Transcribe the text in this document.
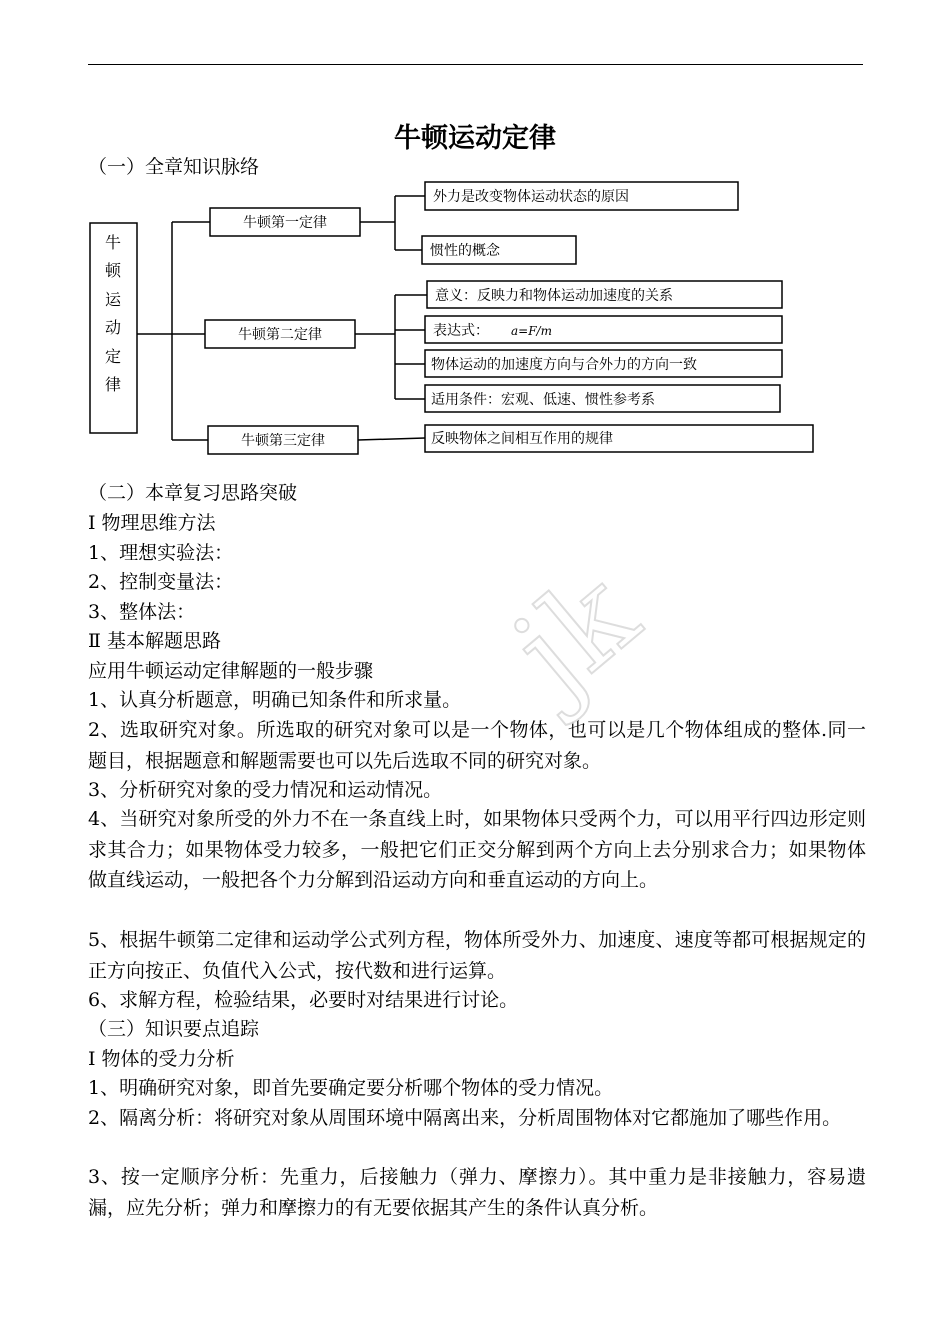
牛顿运动定律
（一）全章知识脉络
牛
顿
运
动
定
律
牛顿第一定律
牛顿第二定律
牛顿第三定律
外力是改变物体运动状态的原因
惯性的概念
意义：反映力和物体运动加速度的关系
表达式： a=F/m
物体运动的加速度方向与合外力的方向一致
适用条件：宏观、低速、惯性参考系
反映物体之间相互作用的规律
（二）本章复习思路突破
Ⅰ 物理思维方法
1、理想实验法：
2、控制变量法：
3、整体法：
Ⅱ 基本解题思路
应用牛顿运动定律解题的一般步骤
1、认真分析题意，明确已知条件和所求量。
2、选取研究对象。所选取的研究对象可以是一个物体，也可以是几个物体组成的整体.同一题目，根据题意和解题需要也可以先后选取不同的研究对象。
3、分析研究对象的受力情况和运动情况。
4、当研究对象所受的外力不在一条直线上时，如果物体只受两个力，可以用平行四边形定则求其合力；如果物体受力较多，一般把它们正交分解到两个方向上去分别求合力；如果物体做直线运动，一般把各个力分解到沿运动方向和垂直运动的方向上。
5、根据牛顿第二定律和运动学公式列方程，物体所受外力、加速度、速度等都可根据规定的正方向按正、负值代入公式，按代数和进行运算。
6、求解方程，检验结果，必要时对结果进行讨论。
（三）知识要点追踪
Ⅰ 物体的受力分析
1、明确研究对象，即首先要确定要分析哪个物体的受力情况。
2、隔离分析：将研究对象从周围环境中隔离出来，分析周围物体对它都施加了哪些作用。
3、按一定顺序分析：先重力，后接触力（弹力、摩擦力）。其中重力是非接触力，容易遗漏，应先分析；弹力和摩擦力的有无要依据其产生的条件认真分析。
jk
